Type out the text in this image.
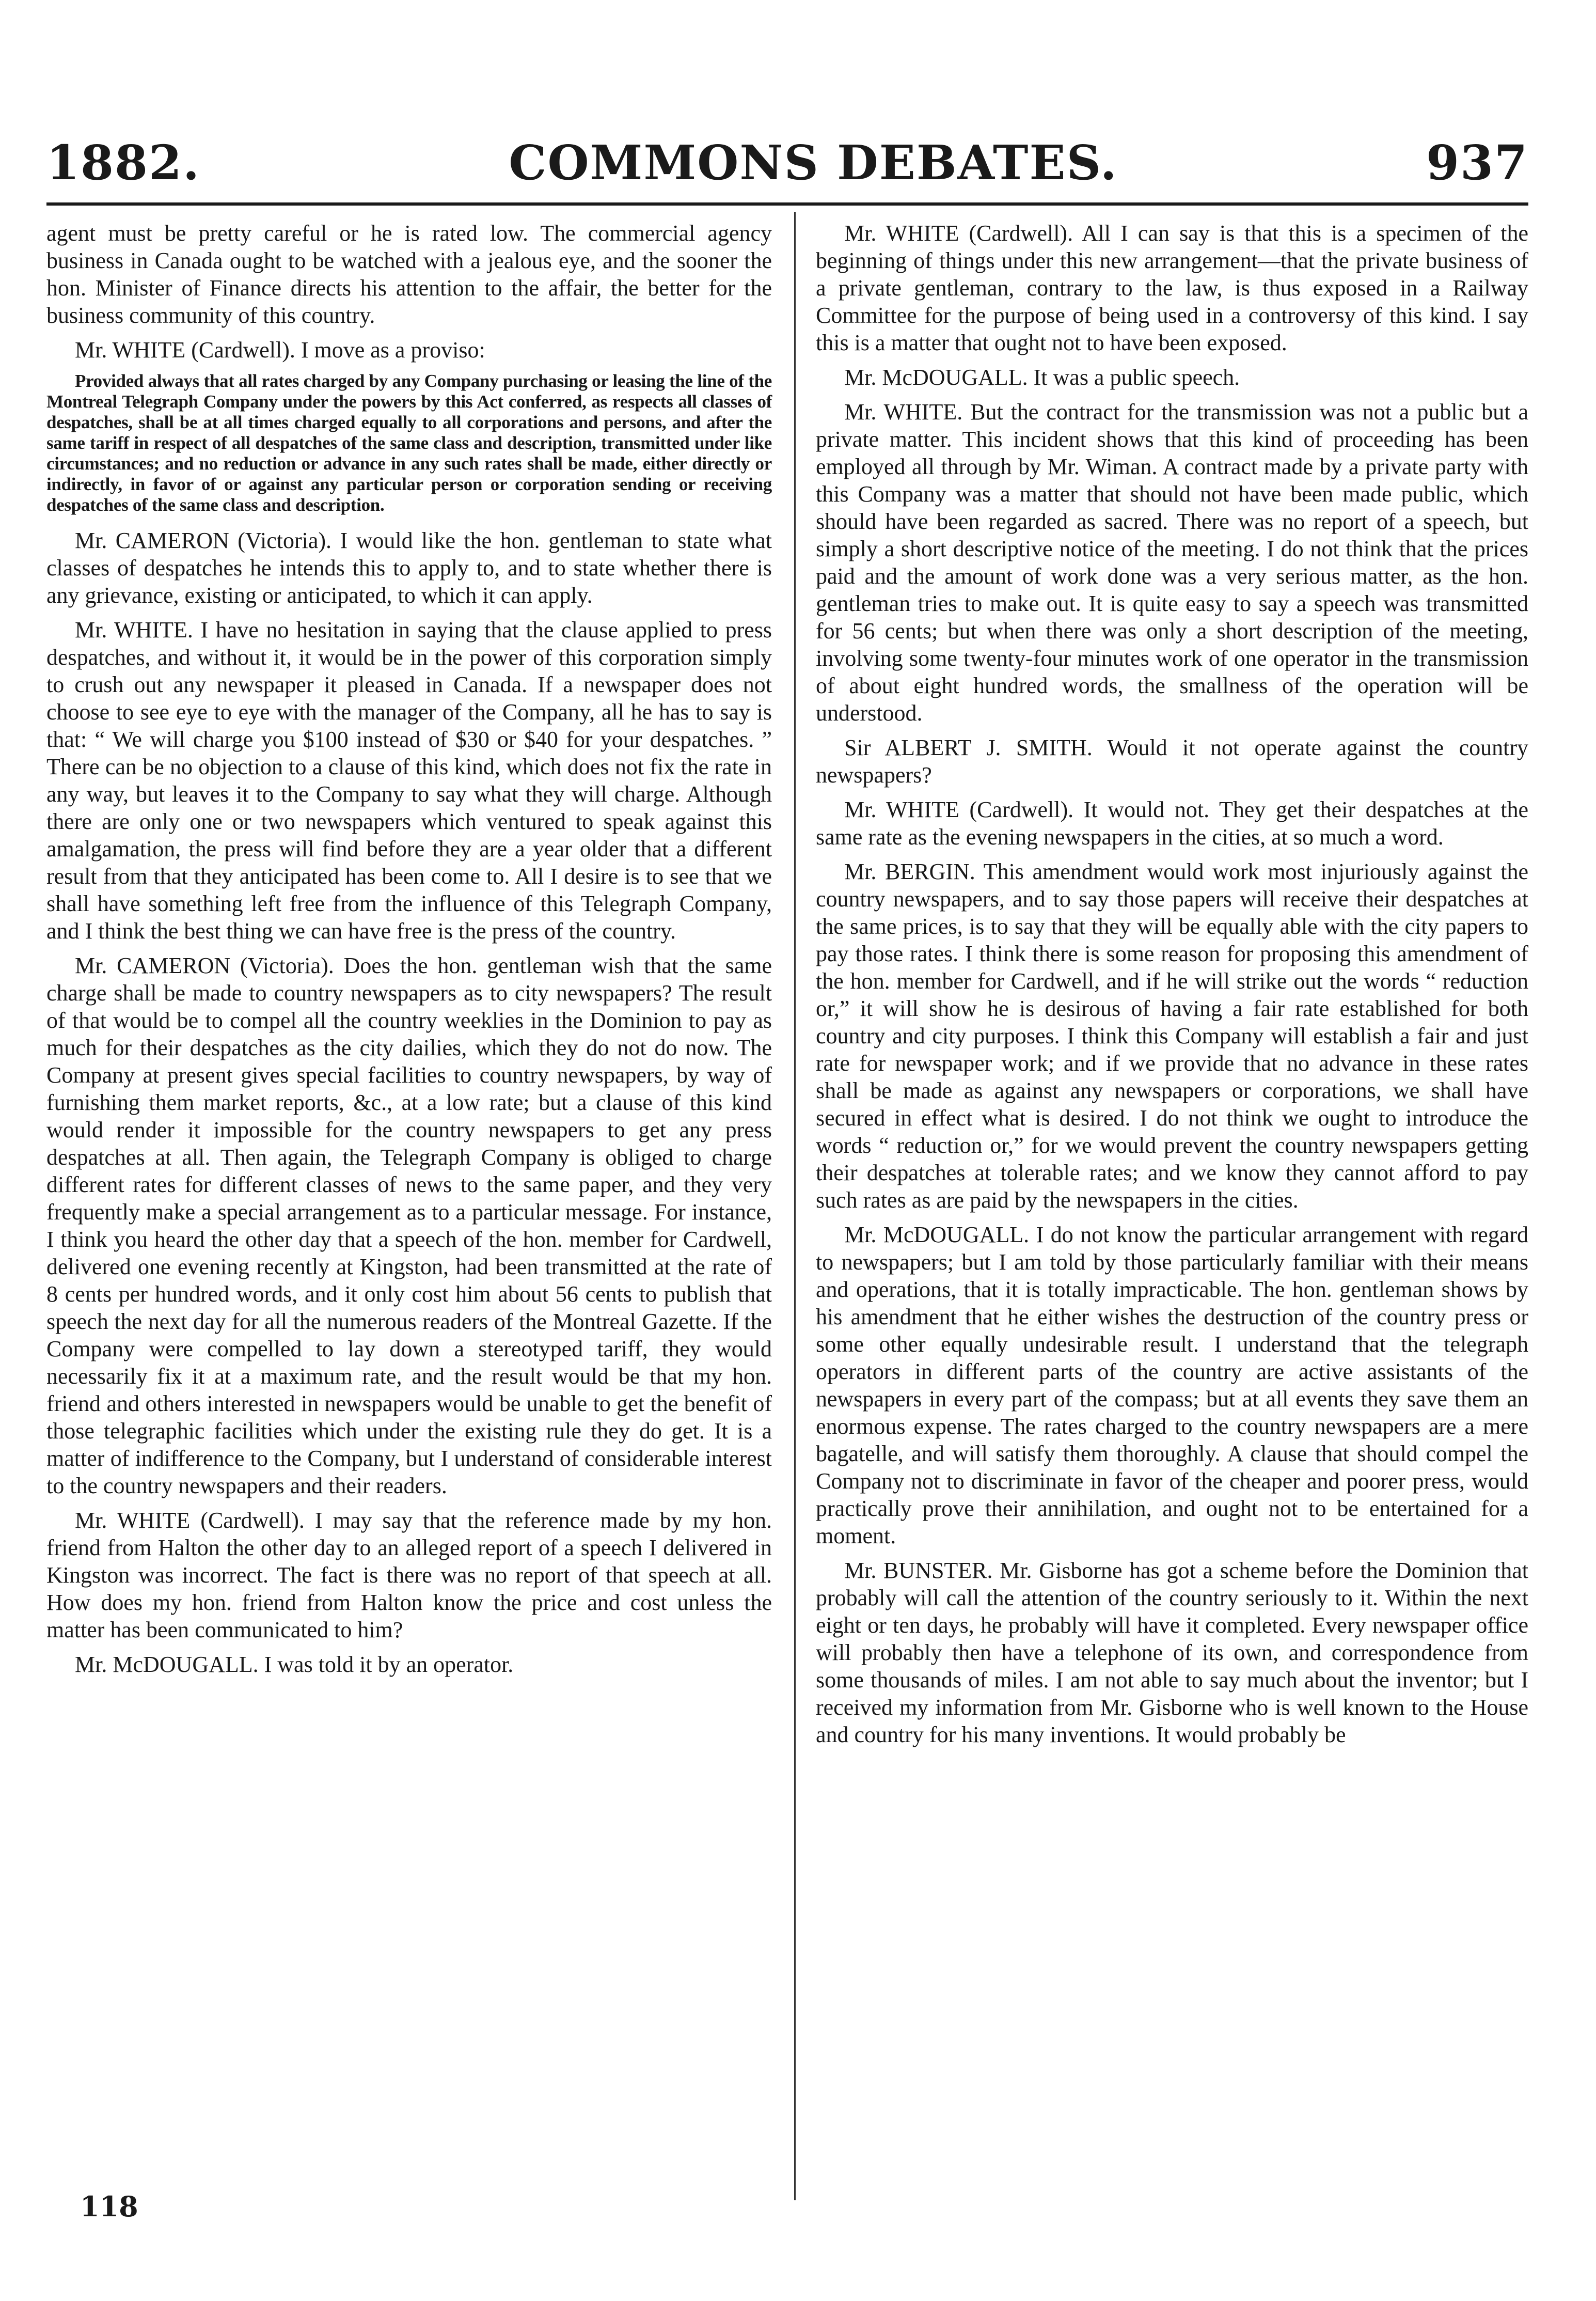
1882.	COMMONS DEBATES.	937

agent must be pretty careful or he is rated low. The commercial agency business in Canada ought to be watched with a jealous eye, and the sooner the hon. Minister of Finance directs his attention to the affair, the better for the business community of this country.

Mr. WHITE (Cardwell). I move as a proviso:

Provided always that all rates charged by any Company purchasing or leasing the line of the Montreal Telegraph Company under the powers by this Act conferred, as respects all classes of despatches, shall be at all times charged equally to all corporations and persons, and after the same tariff in respect of all despatches of the same class and description, transmitted under like circumstances; and no reduction or advance in any such rates shall be made, either directly or indirectly, in favor of or against any particular person or corporation sending or receiving despatches of the same class and description.

Mr. CAMERON (Victoria). I would like the hon. gentleman to state what classes of despatches he intends this to apply to, and to state whether there is any grievance, existing or anticipated, to which it can apply.

Mr. WHITE. I have no hesitation in saying that the clause applied to press despatches, and without it, it would be in the power of this corporation simply to crush out any newspaper it pleased in Canada. If a newspaper does not choose to see eye to eye with the manager of the Company, all he has to say is that: “ We will charge you $100 instead of $30 or $40 for your despatches. ” There can be no objection to a clause of this kind, which does not fix the rate in any way, but leaves it to the Company to say what they will charge. Although there are only one or two newspapers which ventured to speak against this amalgamation, the press will find before they are a year older that a different result from that they anticipated has been come to. All I desire is to see that we shall have something left free from the influence of this Telegraph Company, and I think the best thing we can have free is the press of the country.

Mr. CAMERON (Victoria). Does the hon. gentleman wish that the same charge shall be made to country newspapers as to city newspapers? The result of that would be to compel all the country weeklies in the Dominion to pay as much for their despatches as the city dailies, which they do not do now. The Company at present gives special facilities to country newspapers, by way of furnishing them market reports, &c., at a low rate; but a clause of this kind would render it impossible for the country newspapers to get any press despatches at all. Then again, the Telegraph Company is obliged to charge different rates for different classes of news to the same paper, and they very frequently make a special arrangement as to a particular message. For instance, I think you heard the other day that a speech of the hon. member for Cardwell, delivered one evening recently at Kingston, had been transmitted at the rate of 8 cents per hundred words, and it only cost him about 56 cents to publish that speech the next day for all the numerous readers of the Montreal Gazette. If the Company were compelled to lay down a stereotyped tariff, they would necessarily fix it at a maximum rate, and the result would be that my hon. friend and others interested in newspapers would be unable to get the benefit of those telegraphic facilities which under the existing rule they do get. It is a matter of indifference to the Company, but I understand of considerable interest to the country newspapers and their readers.

Mr. WHITE (Cardwell). I may say that the reference made by my hon. friend from Halton the other day to an alleged report of a speech I delivered in Kingston was incorrect. The fact is there was no report of that speech at all. How does my hon. friend from Halton know the price and cost unless the matter has been communicated to him?

Mr. McDOUGALL. I was told it by an operator.

Mr. WHITE (Cardwell). All I can say is that this is a specimen of the beginning of things under this new arrangement—that the private business of a private gentleman, contrary to the law, is thus exposed in a Railway Committee for the purpose of being used in a controversy of this kind. I say this is a matter that ought not to have been exposed.

Mr. McDOUGALL. It was a public speech.

Mr. WHITE. But the contract for the transmission was not a public but a private matter. This incident shows that this kind of proceeding has been employed all through by Mr. Wiman. A contract made by a private party with this Company was a matter that should not have been made public, which should have been regarded as sacred. There was no report of a speech, but simply a short descriptive notice of the meeting. I do not think that the prices paid and the amount of work done was a very serious matter, as the hon. gentleman tries to make out. It is quite easy to say a speech was transmitted for 56 cents; but when there was only a short description of the meeting, involving some twenty-four minutes work of one operator in the transmission of about eight hundred words, the smallness of the operation will be understood.

Sir ALBERT J. SMITH. Would it not operate against the country newspapers?

Mr. WHITE (Cardwell). It would not. They get their despatches at the same rate as the evening newspapers in the cities, at so much a word.

Mr. BERGIN. This amendment would work most injuriously against the country newspapers, and to say those papers will receive their despatches at the same prices, is to say that they will be equally able with the city papers to pay those rates. I think there is some reason for proposing this amendment of the hon. member for Cardwell, and if he will strike out the words “ reduction or,” it will show he is desirous of having a fair rate established for both country and city purposes. I think this Company will establish a fair and just rate for newspaper work; and if we provide that no advance in these rates shall be made as against any newspapers or corporations, we shall have secured in effect what is desired. I do not think we ought to introduce the words “ reduction or,” for we would prevent the country newspapers getting their despatches at tolerable rates; and we know they cannot afford to pay such rates as are paid by the newspapers in the cities.

Mr. McDOUGALL. I do not know the particular arrangement with regard to newspapers; but I am told by those particularly familiar with their means and operations, that it is totally impracticable. The hon. gentleman shows by his amendment that he either wishes the destruction of the country press or some other equally undesirable result. I understand that the telegraph operators in different parts of the country are active assistants of the newspapers in every part of the compass; but at all events they save them an enormous expense. The rates charged to the country newspapers are a mere bagatelle, and will satisfy them thoroughly. A clause that should compel the Company not to discriminate in favor of the cheaper and poorer press, would practically prove their annihilation, and ought not to be entertained for a moment.

Mr. BUNSTER. Mr. Gisborne has got a scheme before the Dominion that probably will call the attention of the country seriously to it. Within the next eight or ten days, he probably will have it completed. Every newspaper office will probably then have a telephone of its own, and correspondence from some thousands of miles. I am not able to say much about the inventor; but I received my information from Mr. Gisborne who is well known to the House and country for his many inventions. It would probably be

118
